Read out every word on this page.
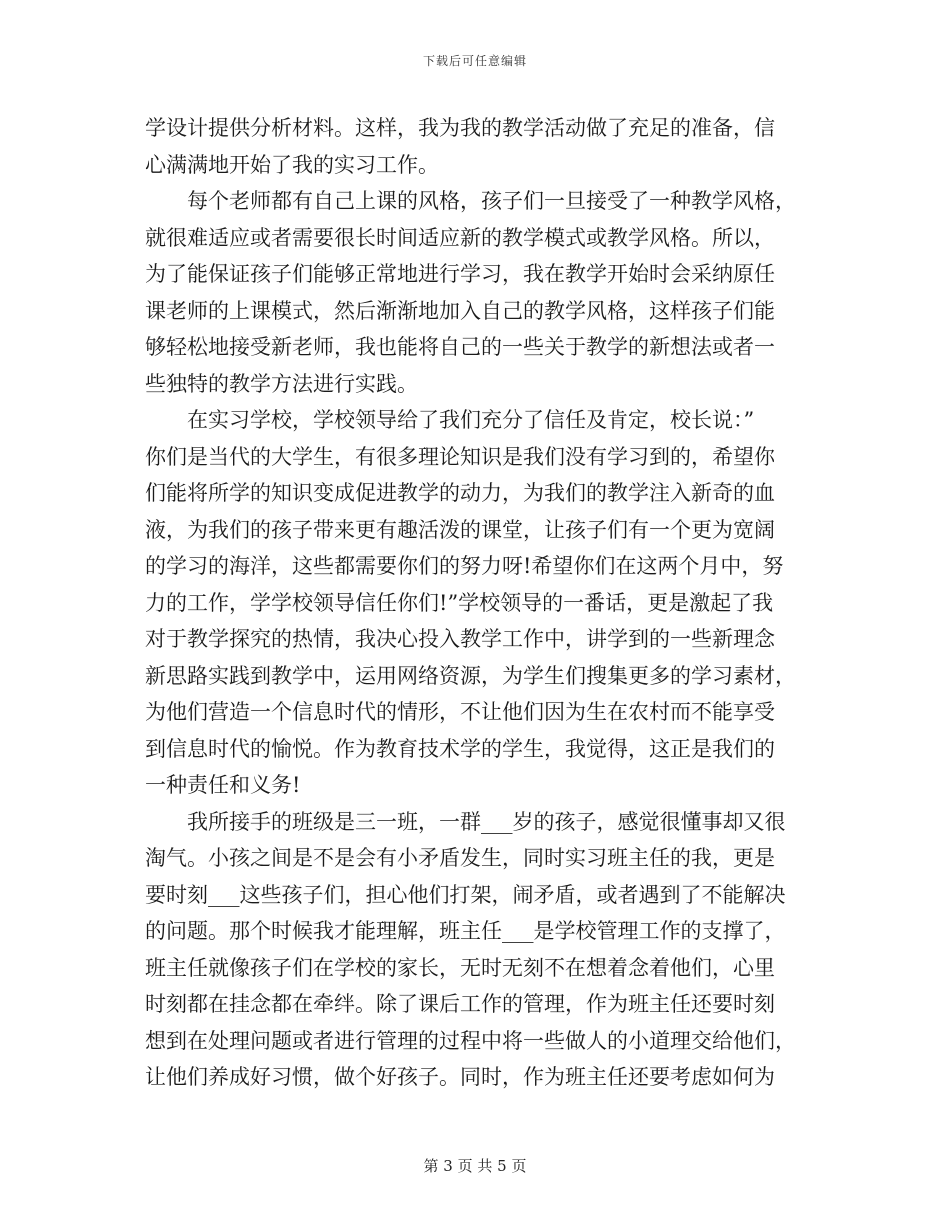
下载后可任意编辑
学设计提供分析材料。这样，我为我的教学活动做了充足的准备，信
心满满地开始了我的实习工作。
　　每个老师都有自己上课的风格，孩子们一旦接受了一种教学风格，
就很难适应或者需要很长时间适应新的教学模式或教学风格。所以，
为了能保证孩子们能够正常地进行学习，我在教学开始时会采纳原任
课老师的上课模式，然后渐渐地加入自己的教学风格，这样孩子们能
够轻松地接受新老师，我也能将自己的一些关于教学的新想法或者一
些独特的教学方法进行实践。
　　在实习学校，学校领导给了我们充分了信任及肯定，校长说：”
你们是当代的大学生，有很多理论知识是我们没有学习到的，希望你
们能将所学的知识变成促进教学的动力，为我们的教学注入新奇的血
液，为我们的孩子带来更有趣活泼的课堂，让孩子们有一个更为宽阔
的学习的海洋，这些都需要你们的努力呀!希望你们在这两个月中，努
力的工作，学学校领导信任你们!”学校领导的一番话，更是激起了我
对于教学探究的热情，我决心投入教学工作中，讲学到的一些新理念
新思路实践到教学中，运用网络资源，为学生们搜集更多的学习素材，
为他们营造一个信息时代的情形，不让他们因为生在农村而不能享受
到信息时代的愉悦。作为教育技术学的学生，我觉得，这正是我们的
一种责任和义务!
　　我所接手的班级是三一班，一群___岁的孩子，感觉很懂事却又很
淘气。小孩之间是不是会有小矛盾发生，同时实习班主任的我，更是
要时刻___这些孩子们，担心他们打架，闹矛盾，或者遇到了不能解决
的问题。那个时候我才能理解，班主任___是学校管理工作的支撑了，
班主任就像孩子们在学校的家长，无时无刻不在想着念着他们，心里
时刻都在挂念都在牵绊。除了课后工作的管理，作为班主任还要时刻
想到在处理问题或者进行管理的过程中将一些做人的小道理交给他们，
让他们养成好习惯，做个好孩子。同时，作为班主任还要考虑如何为
第 3 页 共 5 页
